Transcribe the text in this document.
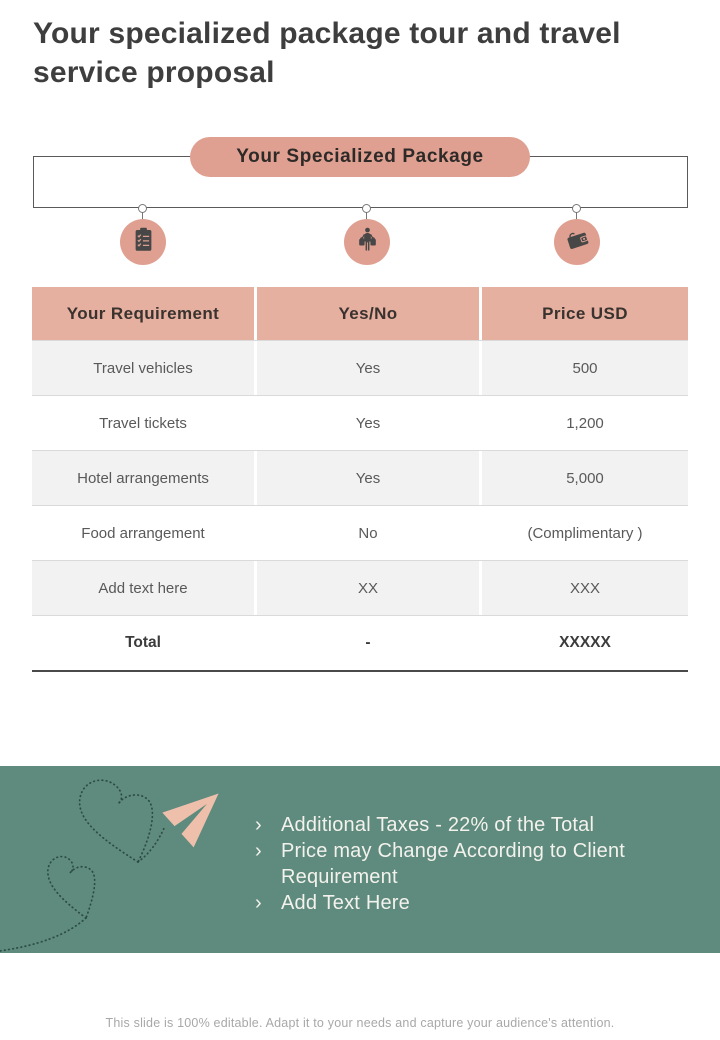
Your specialized package tour and travel service proposal
Your Specialized Package
Your Requirement	Yes/No	Price USD
Travel vehicles	Yes	500
Travel tickets	Yes	1,200
Hotel arrangements	Yes	5,000
Food arrangement	No	(Complimentary )
Add text here	XX	XXX
Total	-	XXXXX
› Additional Taxes - 22% of the Total
› Price may Change According to Client Requirement
› Add Text Here
This slide is 100% editable. Adapt it to your needs and capture your audience's attention.
